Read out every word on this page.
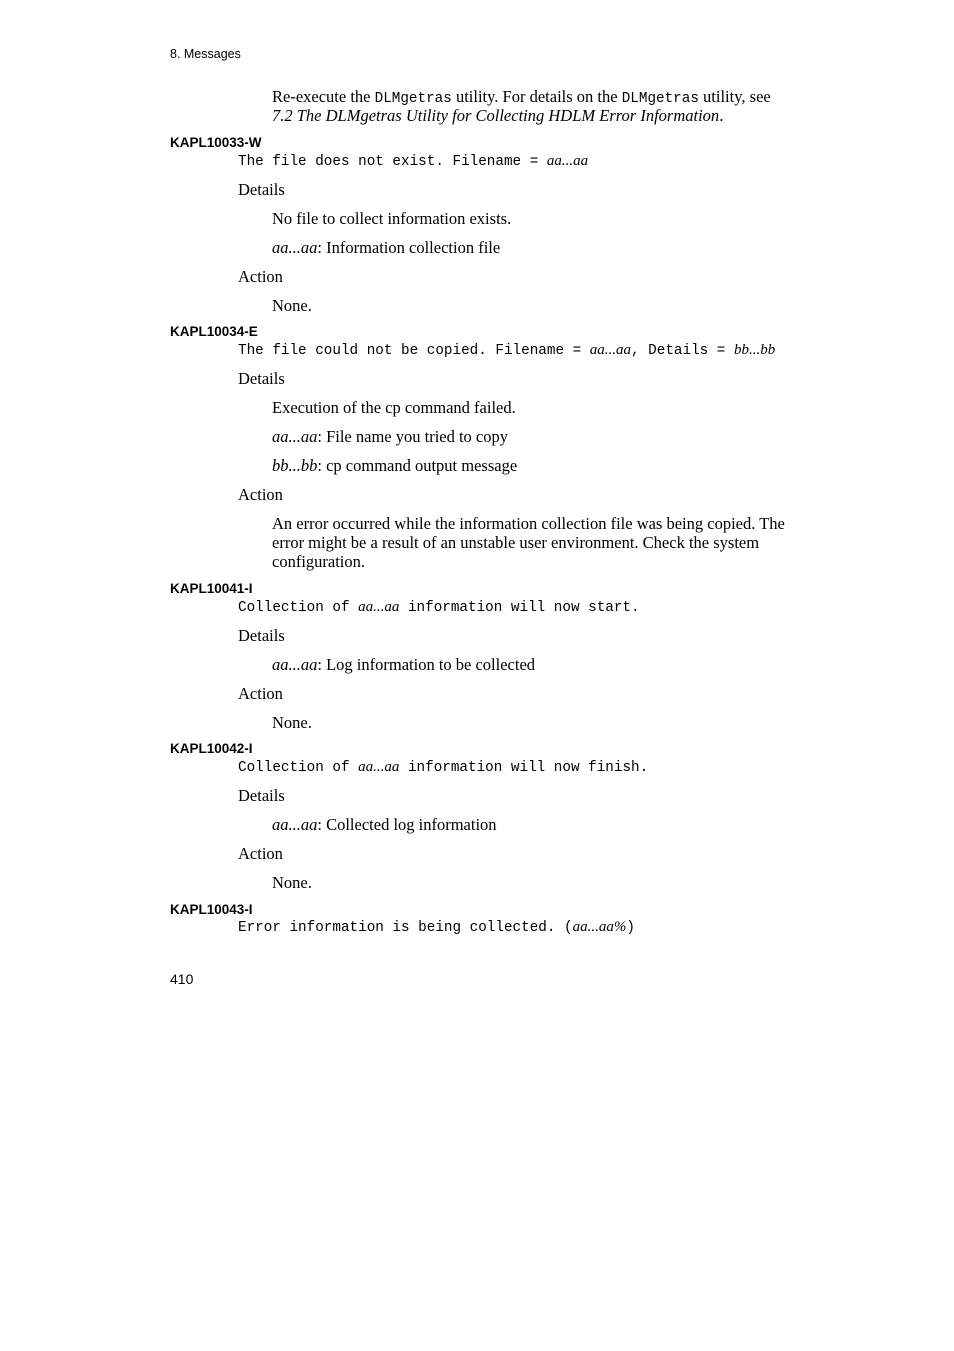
8. Messages
Re-execute the DLMgetras utility. For details on the DLMgetras utility, see
7.2 The DLMgetras Utility for Collecting HDLM Error Information.
KAPL10033-W
The file does not exist. Filename = aa...aa
Details
No file to collect information exists.
aa...aa: Information collection file
Action
None.
KAPL10034-E
The file could not be copied. Filename = aa...aa, Details = bb...bb
Details
Execution of the cp command failed.
aa...aa: File name you tried to copy
bb...bb: cp command output message
Action
An error occurred while the information collection file was being copied. The
error might be a result of an unstable user environment. Check the system
configuration.
KAPL10041-I
Collection of aa...aa information will now start.
Details
aa...aa: Log information to be collected
Action
None.
KAPL10042-I
Collection of aa...aa information will now finish.
Details
aa...aa: Collected log information
Action
None.
KAPL10043-I
Error information is being collected. (aa...aa%)
410
